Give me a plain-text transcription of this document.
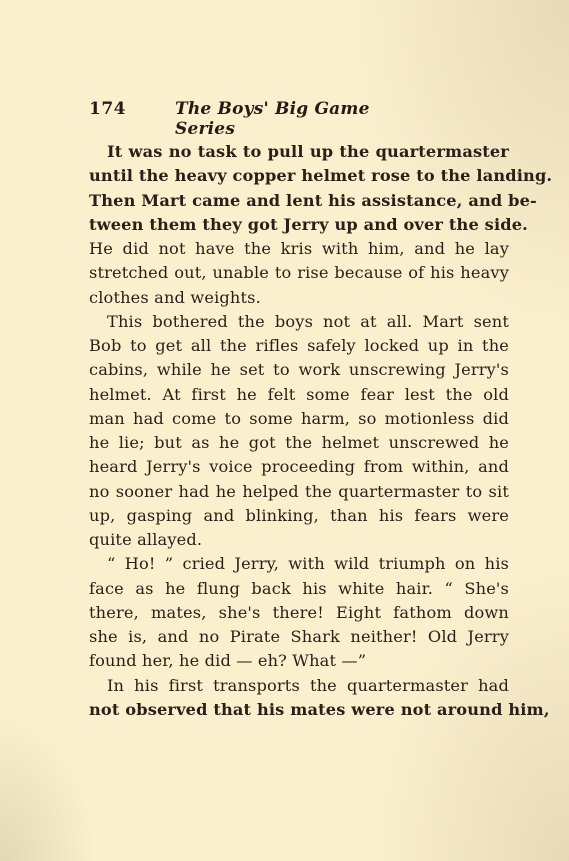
174	The Boys' Big Game Series
It was no task to pull up the quartermaster
until the heavy copper helmet rose to the landing.
Then Mart came and lent his assistance, and be-
tween them they got Jerry up and over the side.
He did not have the kris with him, and he lay
stretched out, unable to rise because of his heavy
clothes and weights.
This bothered the boys not at all. Mart sent
Bob to get all the rifles safely locked up in the
cabins, while he set to work unscrewing Jerry's
helmet. At first he felt some fear lest the old
man had come to some harm, so motionless did
he lie; but as he got the helmet unscrewed he
heard Jerry's voice proceeding from within, and
no sooner had he helped the quartermaster to sit
up, gasping and blinking, than his fears were
quite allayed.
“ Ho! ” cried Jerry, with wild triumph on his
face as he flung back his white hair. “ She's
there, mates, she's there! Eight fathom down
she is, and no Pirate Shark neither! Old Jerry
found her, he did — eh? What —”
In his first transports the quartermaster had
not observed that his mates were not around him,
